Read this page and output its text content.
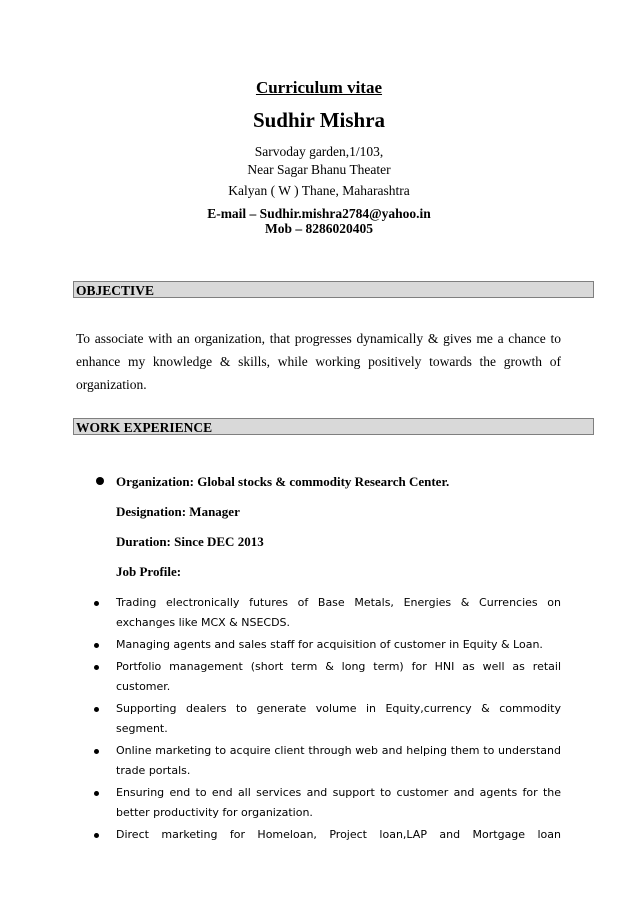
Curriculum vitae
Sudhir Mishra
Sarvoday garden,1/103,
Near Sagar Bhanu Theater
Kalyan ( W ) Thane, Maharashtra
E-mail – Sudhir.mishra2784@yahoo.in
Mob – 8286020405
OBJECTIVE
To associate with an organization, that progresses dynamically & gives me a chance to enhance my knowledge & skills, while working positively towards the growth of organization.
WORK EXPERIENCE
Organization: Global stocks & commodity Research Center.
Designation: Manager
Duration: Since DEC 2013
Job Profile:
Trading electronically futures of Base Metals, Energies & Currencies on exchanges like MCX & NSECDS.
Managing agents and sales staff for acquisition of customer in Equity & Loan.
Portfolio management (short term & long term) for HNI as well as retail customer.
Supporting dealers to generate volume in Equity,currency & commodity segment.
Online marketing to acquire client through web and helping them to understand trade portals.
Ensuring end to end all services and support to customer and agents for the better productivity for organization.
Direct marketing for Homeloan, Project loan,LAP and Mortgage loan
